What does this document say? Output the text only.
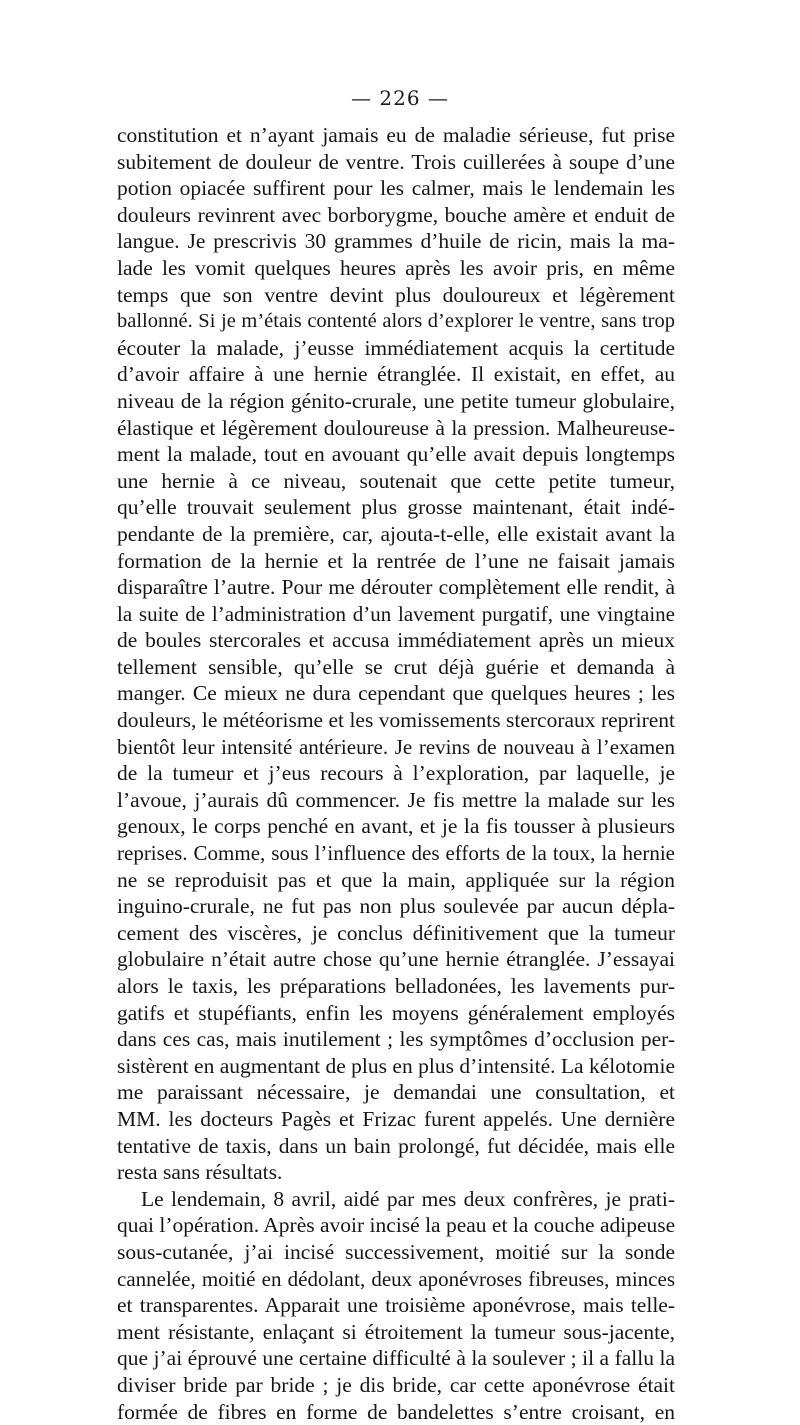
— 226 —
constitution et n’ayant jamais eu de maladie sérieuse, fut prise
subitement de douleur de ventre. Trois cuillerées à soupe d’une
potion opiacée suffirent pour les calmer, mais le lendemain les
douleurs revinrent avec borborygme, bouche amère et enduit de
langue. Je prescrivis 30 grammes d’huile de ricin, mais la ma-
lade les vomit quelques heures après les avoir pris, en même
temps que son ventre devint plus douloureux et légèrement
ballonné. Si je m’étais contenté alors d’explorer le ventre, sans trop
écouter la malade, j’eusse immédiatement acquis la certitude
d’avoir affaire à une hernie étranglée. Il existait, en effet, au
niveau de la région génito-crurale, une petite tumeur globulaire,
élastique et légèrement douloureuse à la pression. Malheureuse-
ment la malade, tout en avouant qu’elle avait depuis longtemps
une hernie à ce niveau, soutenait que cette petite tumeur,
qu’elle trouvait seulement plus grosse maintenant, était indé-
pendante de la première, car, ajouta-t-elle, elle existait avant la
formation de la hernie et la rentrée de l’une ne faisait jamais
disparaître l’autre. Pour me dérouter complètement elle rendit, à
la suite de l’administration d’un lavement purgatif, une vingtaine
de boules stercorales et accusa immédiatement après un mieux
tellement sensible, qu’elle se crut déjà guérie et demanda à
manger. Ce mieux ne dura cependant que quelques heures ; les
douleurs, le météorisme et les vomissements stercoraux reprirent
bientôt leur intensité antérieure. Je revins de nouveau à l’examen
de la tumeur et j’eus recours à l’exploration, par laquelle, je
l’avoue, j’aurais dû commencer. Je fis mettre la malade sur les
genoux, le corps penché en avant, et je la fis tousser à plusieurs
reprises. Comme, sous l’influence des efforts de la toux, la hernie
ne se reproduisit pas et que la main, appliquée sur la région
inguino-crurale, ne fut pas non plus soulevée par aucun dépla-
cement des viscères, je conclus définitivement que la tumeur
globulaire n’était autre chose qu’une hernie étranglée. J’essayai
alors le taxis, les préparations belladonées, les lavements pur-
gatifs et stupéfiants, enfin les moyens généralement employés
dans ces cas, mais inutilement ; les symptômes d’occlusion per-
sistèrent en augmentant de plus en plus d’intensité. La kélotomie
me paraissant nécessaire, je demandai une consultation, et
MM. les docteurs Pagès et Frizac furent appelés. Une dernière
tentative de taxis, dans un bain prolongé, fut décidée, mais elle
resta sans résultats.
Le lendemain, 8 avril, aidé par mes deux confrères, je prati-
quai l’opération. Après avoir incisé la peau et la couche adipeuse
sous-cutanée, j’ai incisé successivement, moitié sur la sonde
cannelée, moitié en dédolant, deux aponévroses fibreuses, minces
et transparentes. Apparait une troisième aponévrose, mais telle-
ment résistante, enlaçant si étroitement la tumeur sous-jacente,
que j’ai éprouvé une certaine difficulté à la soulever ; il a fallu la
diviser bride par bride ; je dis bride, car cette aponévrose était
formée de fibres en forme de bandelettes s’entre croisant, en
